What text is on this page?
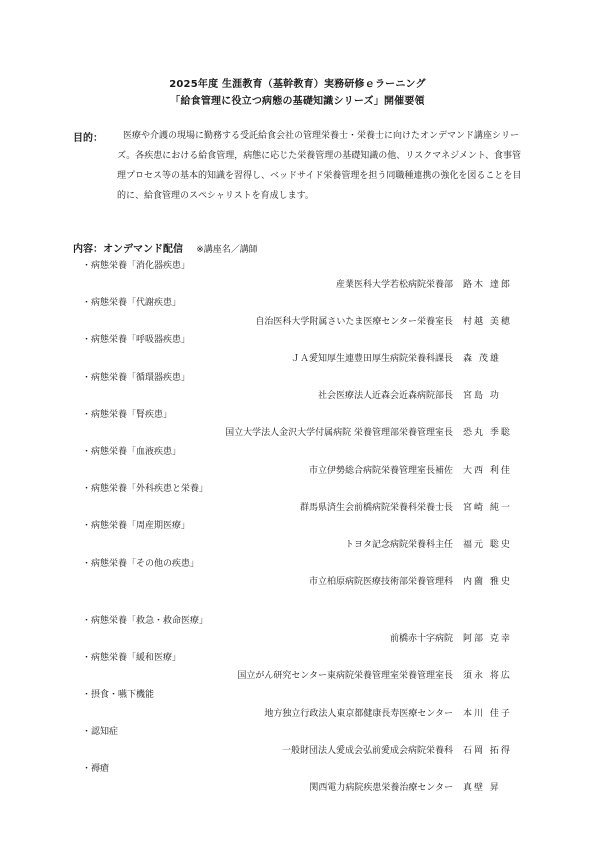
2025年度 生涯教育（基幹教育）実務研修ｅラーニング
「給食管理に役立つ病態の基礎知識シリーズ」開催要領
目的：	医療や介護の現場に勤務する受託給食会社の管理栄養士・栄養士に向けたオンデマンド講座シリーズ。各疾患における給食管理，病態に応じた栄養管理の基礎知識の他、リスクマネジメント、食事管理プロセス等の基本的知識を習得し、ベッドサイド栄養管理を担う同職種連携の強化を図ることを目的に、給食管理のスペシャリストを育成します。
内容：オンデマンド配信 ※講座名／講師
・病態栄養「消化器疾患」
産業医科大学若松病院栄養部	路木 達郎
・病態栄養「代謝疾患」
自治医科大学附属さいたま医療センター栄養室長	村越 美穂
・病態栄養「呼吸器疾患」
ＪＡ愛知厚生連豊田厚生病院栄養科課長	森 茂雄
・病態栄養「循環器疾患」
社会医療法人近森会近森病院部長	宮島 功
・病態栄養「腎疾患」
国立大学法人金沢大学付属病院 栄養管理部栄養管理室長	恐丸 季聡
・病態栄養「血液疾患」
市立伊勢総合病院栄養管理室長補佐	大西 利佳
・病態栄養「外科疾患と栄養」
群馬県済生会前橋病院栄養科栄養士長	宮崎 純一
・病態栄養「周産期医療」
トヨタ記念病院栄養科主任	福元 聡史
・病態栄養「その他の疾患」
市立柏原病院医療技術部栄養管理科	内薗 雅史
・病態栄養「救急・救命医療」
前橋赤十字病院	阿部 克幸
・病態栄養「緩和医療」
国立がん研究センター東病院栄養管理室栄養管理室長	須永 将広
・摂食・嚥下機能
地方独立行政法人東京都健康長寿医療センター	本川 佳子
・認知症
一般財団法人愛成会弘前愛成会病院栄養科	石岡 拓得
・褥瘡
関西電力病院疾患栄養治療センター	真壁 昇
